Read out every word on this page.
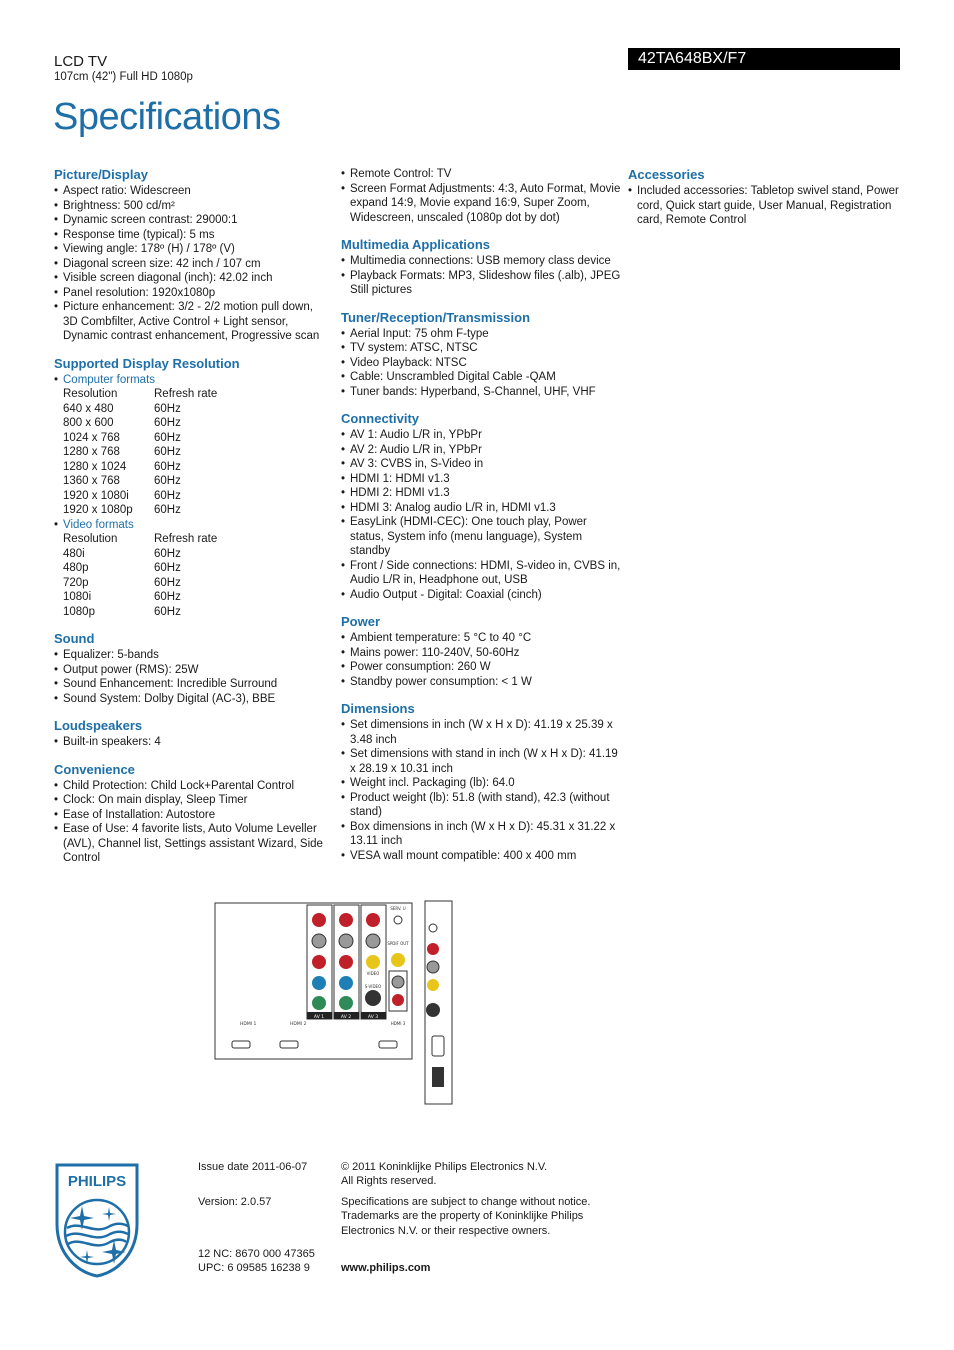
LCD TV
107cm (42") Full HD 1080p
Specifications
42TA648BX/F7
Picture/Display
• Aspect ratio: Widescreen
• Brightness: 500 cd/m²
• Dynamic screen contrast: 29000:1
• Response time (typical): 5 ms
• Viewing angle: 178º (H) / 178º (V)
• Diagonal screen size: 42 inch / 107 cm
• Visible screen diagonal (inch): 42.02 inch
• Panel resolution: 1920x1080p
• Picture enhancement: 3/2 - 2/2 motion pull down, 3D Combfilter, Active Control + Light sensor, Dynamic contrast enhancement, Progressive scan
Supported Display Resolution
• Computer formats
Resolution	Refresh rate
640 x 480	60Hz
800 x 600	60Hz
1024 x 768	60Hz
1280 x 768	60Hz
1280 x 1024	60Hz
1360 x 768	60Hz
1920 x 1080i	60Hz
1920 x 1080p	60Hz
• Video formats
Resolution	Refresh rate
480i	60Hz
480p	60Hz
720p	60Hz
1080i	60Hz
1080p	60Hz
Sound
• Equalizer: 5-bands
• Output power (RMS): 25W
• Sound Enhancement: Incredible Surround
• Sound System: Dolby Digital (AC-3), BBE
Loudspeakers
• Built-in speakers: 4
Convenience
• Child Protection: Child Lock+Parental Control
• Clock: On main display, Sleep Timer
• Ease of Installation: Autostore
• Ease of Use: 4 favorite lists, Auto Volume Leveller (AVL), Channel list, Settings assistant Wizard, Side Control
• Remote Control: TV
• Screen Format Adjustments: 4:3, Auto Format, Movie expand 14:9, Movie expand 16:9, Super Zoom, Widescreen, unscaled (1080p dot by dot)
Multimedia Applications
• Multimedia connections: USB memory class device
• Playback Formats: MP3, Slideshow files (.alb), JPEG Still pictures
Tuner/Reception/Transmission
• Aerial Input: 75 ohm F-type
• TV system: ATSC, NTSC
• Video Playback: NTSC
• Cable: Unscrambled Digital Cable -QAM
• Tuner bands: Hyperband, S-Channel, UHF, VHF
Connectivity
• AV 1: Audio L/R in, YPbPr
• AV 2: Audio L/R in, YPbPr
• AV 3: CVBS in, S-Video in
• HDMI 1: HDMI v1.3
• HDMI 2: HDMI v1.3
• HDMI 3: Analog audio L/R in, HDMI v1.3
• EasyLink (HDMI-CEC): One touch play, Power status, System info (menu language), System standby
• Front / Side connections: HDMI, S-video in, CVBS in, Audio L/R in, Headphone out, USB
• Audio Output - Digital: Coaxial (cinch)
Power
• Ambient temperature: 5 °C to 40 °C
• Mains power: 110-240V, 50-60Hz
• Power consumption: 260 W
• Standby power consumption: < 1 W
Dimensions
• Set dimensions in inch (W x H x D): 41.19 x 25.39 x 3.48 inch
• Set dimensions with stand in inch (W x H x D): 41.19 x 28.19 x 10.31 inch
• Weight incl. Packaging (lb): 64.0
• Product weight (lb): 51.8 (with stand), 42.3 (without stand)
• Box dimensions in inch (W x H x D): 45.31 x 31.22 x 13.11 inch
• VESA wall mount compatible: 400 x 400 mm
Accessories
• Included accessories: Tabletop swivel stand, Power cord, Quick start guide, User Manual, Registration card, Remote Control
AV 1	AV 2	AV 3
VIDEO
S-VIDEO
SERV. U
SPDIF OUT
HDMI 3
HDMI 1	HDMI 2
PHILIPS
Issue date 2011-06-07
Version: 2.0.57
12 NC: 8670 000 47365
UPC: 6 09585 16238 9
© 2011 Koninklijke Philips Electronics N.V.
All Rights reserved.
Specifications are subject to change without notice.
Trademarks are the property of Koninklijke Philips
Electronics N.V. or their respective owners.
www.philips.com
